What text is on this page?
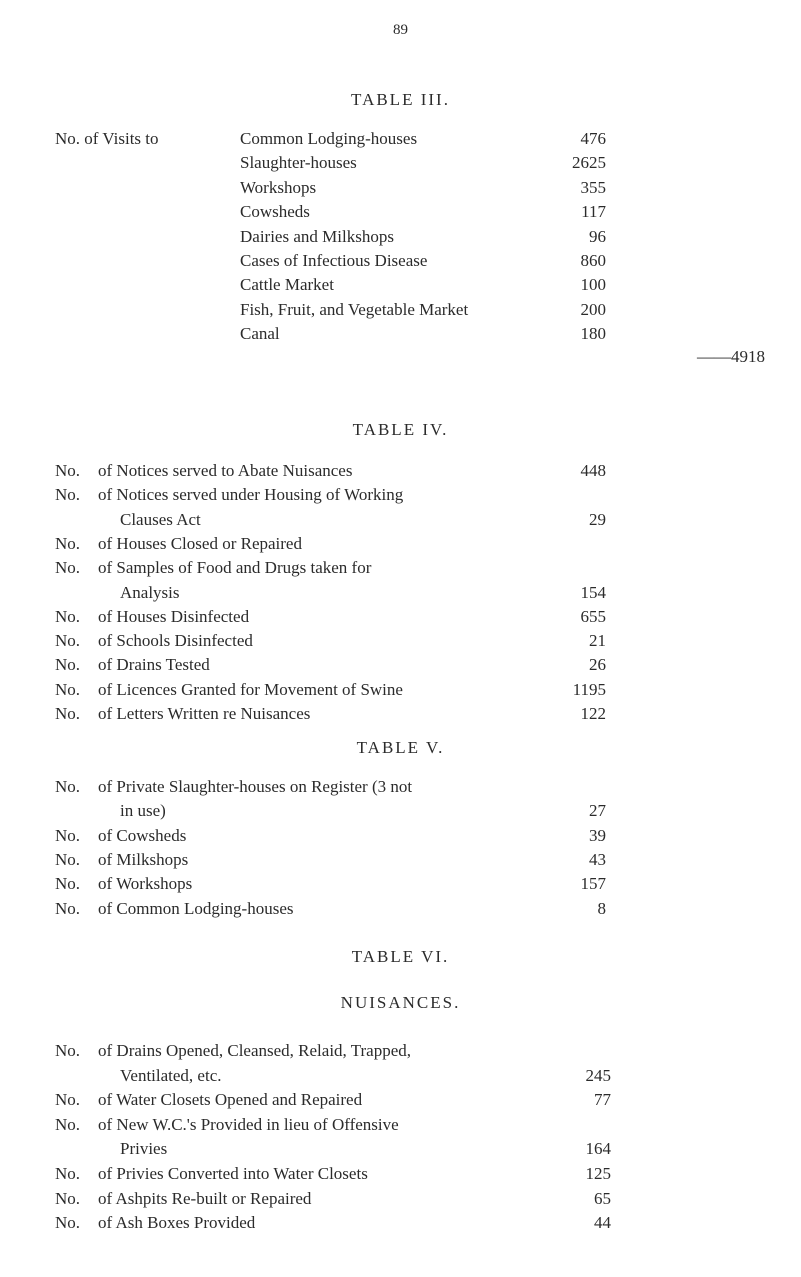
89
TABLE III.
No. of Visits to	Common Lodging-houses	476
Slaughter-houses	2625
Workshops	355
Cowsheds	117
Dairies and Milkshops	96
Cases of Infectious Disease	860
Cattle Market	100
Fish, Fruit, and Vegetable Market	200
Canal	180
——4918
TABLE IV.
No. of Notices served to Abate Nuisances	448
No. of Notices served under Housing of Working
Clauses Act	29
No. of Houses Closed or Repaired
No. of Samples of Food and Drugs taken for
Analysis	154
No. of Houses Disinfected	655
No. of Schools Disinfected	21
No. of Drains Tested	26
No. of Licences Granted for Movement of Swine	1195
No. of Letters Written re Nuisances	122
TABLE V.
No. of Private Slaughter-houses on Register (3 not
in use)	27
No. of Cowsheds	39
No. of Milkshops	43
No. of Workshops	157
No. of Common Lodging-houses	8
TABLE VI.
NUISANCES.
No. of Drains Opened, Cleansed, Relaid, Trapped,
Ventilated, etc.	245
No. of Water Closets Opened and Repaired	77
No. of New W.C.'s Provided in lieu of Offensive
Privies	164
No. of Privies Converted into Water Closets	125
No. of Ashpits Re-built or Repaired	65
No. of Ash Boxes Provided	44
